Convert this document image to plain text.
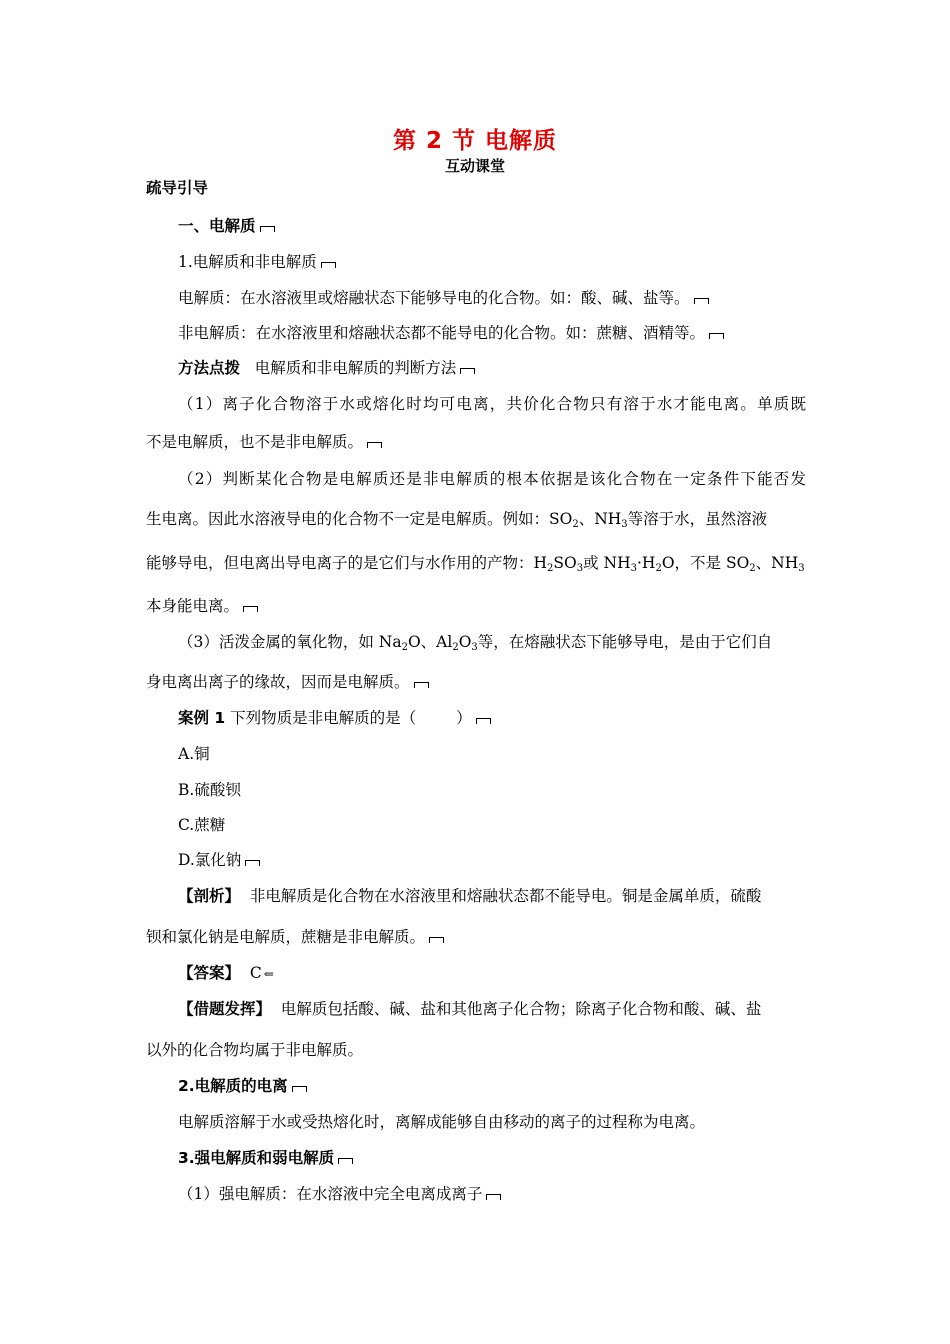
第 2 节 电解质
互动课堂
疏导引导
一、电解质
1.电解质和非电解质
电解质：在水溶液里或熔融状态下能够导电的化合物。如：酸、碱、盐等。
非电解质：在水溶液里和熔融状态都不能导电的化合物。如：蔗糖、酒精等。
方法点拨 电解质和非电解质的判断方法
（1）离子化合物溶于水或熔化时均可电离，共价化合物只有溶于水才能电离。单质既
不是电解质，也不是非电解质。
（2）判断某化合物是电解质还是非电解质的根本依据是该化合物在一定条件下能否发
生电离。因此水溶液导电的化合物不一定是电解质。例如：$SO_2$、$NH_3$等溶于水，虽然溶液
能够导电，但电离出导电离子的是它们与水作用的产物：$H_2SO_3$或 $NH_3\cdot H_2O$，不是 $SO_2$、$NH_3$
本身能电离。
（3）活泼金属的氧化物，如 $Na_2O$、$Al_2O_3$等，在熔融状态下能够导电，是由于它们自
身电离出离子的缘故，因而是电解质。
案例 1 下列物质是非电解质的是（	）
A.铜
B.硫酸钡
C.蔗糖
D.氯化钠
【剖析】 非电解质是化合物在水溶液里和熔融状态都不能导电。铜是金属单质，硫酸
钡和氯化钠是电解质，蔗糖是非电解质。
【答案】 C ⇐
【借题发挥】 电解质包括酸、碱、盐和其他离子化合物；除离子化合物和酸、碱、盐
以外的化合物均属于非电解质。
2.电解质的电离
电解质溶解于水或受热熔化时，离解成能够自由移动的离子的过程称为电离。
3.强电解质和弱电解质
（1）强电解质：在水溶液中完全电离成离子
